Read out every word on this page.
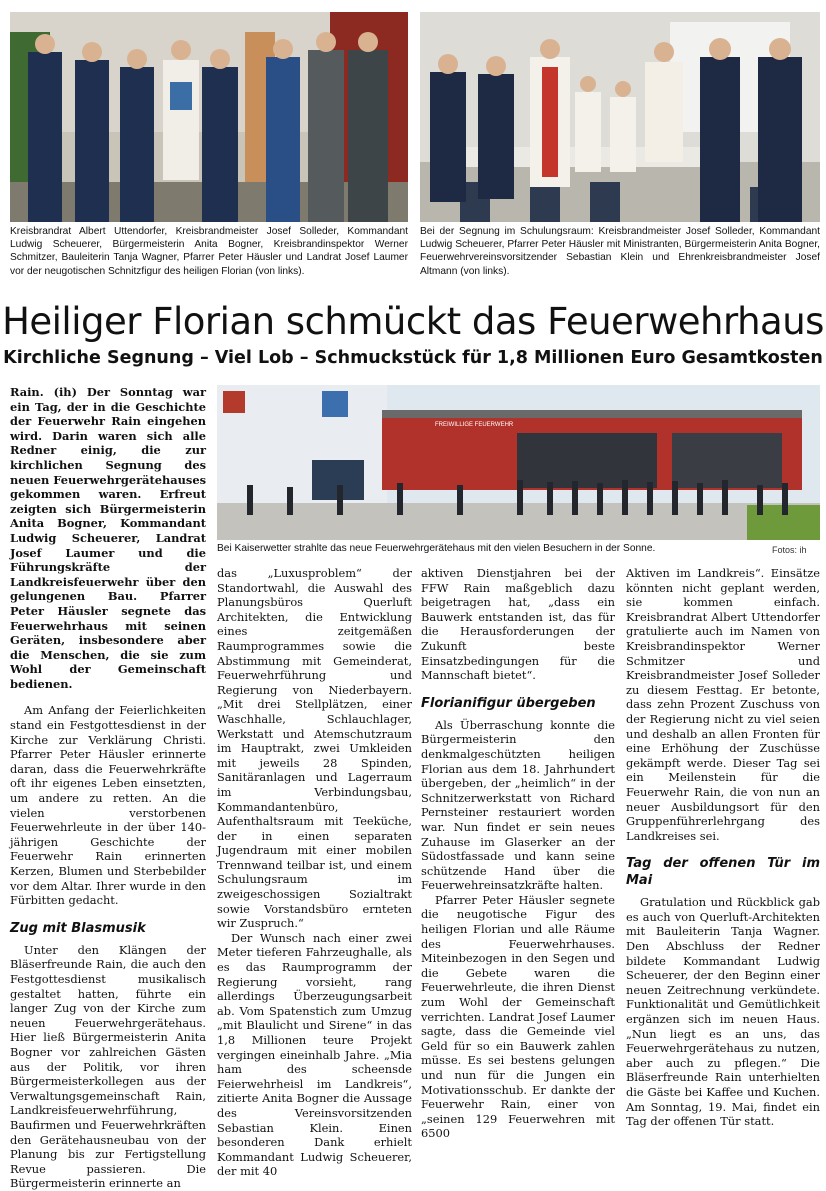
Kreisbrandrat Albert Uttendorfer, Kreisbrandmeister Josef Solleder, Kommandant Ludwig Scheuerer, Bürgermeisterin Anita Bogner, Kreisbrandinspektor Werner Schmitzer, Bauleiterin Tanja Wagner, Pfarrer Peter Häusler und Landrat Josef Laumer vor der neugotischen Schnitzfigur des heiligen Florian (von links).
Bei der Segnung im Schulungsraum: Kreisbrandmeister Josef Solleder, Kommandant Ludwig Scheuerer, Pfarrer Peter Häusler mit Ministranten, Bürgermeisterin Anita Bogner, Feuerwehrvereinsvorsitzender Sebastian Klein und Ehrenkreisbrandmeister Josef Altmann (von links).
Heiliger Florian schmückt das Feuerwehrhaus
Kirchliche Segnung – Viel Lob – Schmuckstück für 1,8 Millionen Euro Gesamtkosten
FREIWILLIGE FEUERWEHR
Bei Kaiserwetter strahlte das neue Feuerwehrgerätehaus mit den vielen Besuchern in der Sonne.	Fotos: ih

Rain. (ih) Der Sonntag war ein Tag, der in die Geschichte der Feuerwehr Rain eingehen wird. Darin waren sich alle Redner einig, die zur kirchlichen Segnung des neuen Feuerwehrgerätehauses gekommen waren. Erfreut zeigten sich Bürgermeisterin Anita Bogner, Kommandant Ludwig Scheuerer, Landrat Josef Laumer und die Führungskräfte der Landkreisfeuerwehr über den gelungenen Bau. Pfarrer Peter Häusler segnete das Feuerwehrhaus mit seinen Geräten, insbesondere aber die Menschen, die sie zum Wohl der Gemeinschaft bedienen.

Am Anfang der Feierlichkeiten stand ein Festgottesdienst in der Kirche zur Verklärung Christi. Pfarrer Peter Häusler erinnerte daran, dass die Feuerwehrkräfte oft ihr eigenes Leben einsetzten, um andere zu retten. An die vielen verstorbenen Feuerwehrleute in der über 140-jährigen Geschichte der Feuerwehr Rain erinnerten Kerzen, Blumen und Sterbebilder vor dem Altar. Ihrer wurde in den Fürbitten gedacht.

Zug mit Blasmusik

Unter den Klängen der Bläserfreunde Rain, die auch den Festgottesdienst musikalisch gestaltet hatten, führte ein langer Zug von der Kirche zum neuen Feuerwehrgerätehaus. Hier ließ Bürgermeisterin Anita Bogner vor zahlreichen Gästen aus der Politik, vor ihren Bürgermeisterkollegen aus der Verwaltungsgemeinschaft Rain, Landkreisfeuerwehrführung, Baufirmen und Feuerwehrkräften den Gerätehausneubau von der Planung bis zur Fertigstellung Revue passieren. Die Bürgermeisterin erinnerte an

das „Luxusproblem“ der Standortwahl, die Auswahl des Planungsbüros Querluft Architekten, die Entwicklung eines zeitgemäßen Raumprogrammes sowie die Abstimmung mit Gemeinderat, Feuerwehrführung und Regierung von Niederbayern. „Mit drei Stellplätzen, einer Waschhalle, Schlauchlager, Werkstatt und Atemschutzraum im Hauptrakt, zwei Umkleiden mit jeweils 28 Spinden, Sanitäranlagen und Lagerraum im Verbindungsbau, Kommandantenbüro, Aufenthaltsraum mit Teeküche, der in einen separaten Jugendraum mit einer mobilen Trennwand teilbar ist, und einem Schulungsraum im zweigeschossigen Sozialtrakt sowie Vorstandsbüro ernteten wir Zuspruch.“

Der Wunsch nach einer zwei Meter tieferen Fahrzeughalle, als es das Raumprogramm der Regierung vorsieht, rang allerdings Überzeugungsarbeit ab. Vom Spatenstich zum Umzug „mit Blaulicht und Sirene“ in das 1,8 Millionen teure Projekt vergingen eineinhalb Jahre. „Mia ham des scheensde Feierwehrheisl im Landkreis“, zitierte Anita Bogner die Aussage des Vereinsvorsitzenden Sebastian Klein. Einen besonderen Dank erhielt Kommandant Ludwig Scheuerer, der mit 40

aktiven Dienstjahren bei der FFW Rain maßgeblich dazu beigetragen hat, „dass ein Bauwerk entstanden ist, das für die Herausforderungen der Zukunft beste Einsatzbedingungen für die Mannschaft bietet“.

Florianifigur übergeben

Als Überraschung konnte die Bürgermeisterin den denkmalgeschützten heiligen Florian aus dem 18. Jahrhundert übergeben, der „heimlich“ in der Schnitzerwerkstatt von Richard Pernsteiner restauriert worden war. Nun findet er sein neues Zuhause im Glaserker an der Südostfassade und kann seine schützende Hand über die Feuerwehreinsatzkräfte halten.

Pfarrer Peter Häusler segnete die neugotische Figur des heiligen Florian und alle Räume des Feuerwehrhauses. Miteinbezogen in den Segen und die Gebete waren die Feuerwehrleute, die ihren Dienst zum Wohl der Gemeinschaft verrichten. Landrat Josef Laumer sagte, dass die Gemeinde viel Geld für so ein Bauwerk zahlen müsse. Es sei bestens gelungen und nun für die Jungen ein Motivationsschub. Er dankte der Feuerwehr Rain, einer von „seinen 129 Feuerwehren mit 6500

Aktiven im Landkreis“. Einsätze könnten nicht geplant werden, sie kommen einfach. Kreisbrandrat Albert Uttendorfer gratulierte auch im Namen von Kreisbrandinspektor Werner Schmitzer und Kreisbrandmeister Josef Solleder zu diesem Festtag. Er betonte, dass zehn Prozent Zuschuss von der Regierung nicht zu viel seien und deshalb an allen Fronten für eine Erhöhung der Zuschüsse gekämpft werde. Dieser Tag sei ein Meilenstein für die Feuerwehr Rain, die von nun an neuer Ausbildungsort für den Gruppenführerlehrgang des Landkreises sei.

Tag der offenen Tür im Mai

Gratulation und Rückblick gab es auch von Querluft-Architekten mit Bauleiterin Tanja Wagner. Den Abschluss der Redner bildete Kommandant Ludwig Scheuerer, der den Beginn einer neuen Zeitrechnung verkündete. Funktionalität und Gemütlichkeit ergänzen sich im neuen Haus. „Nun liegt es an uns, das Feuerwehrgerätehaus zu nutzen, aber auch zu pflegen.“ Die Bläserfreunde Rain unterhielten die Gäste bei Kaffee und Kuchen. Am Sonntag, 19. Mai, findet ein Tag der offenen Tür statt.
